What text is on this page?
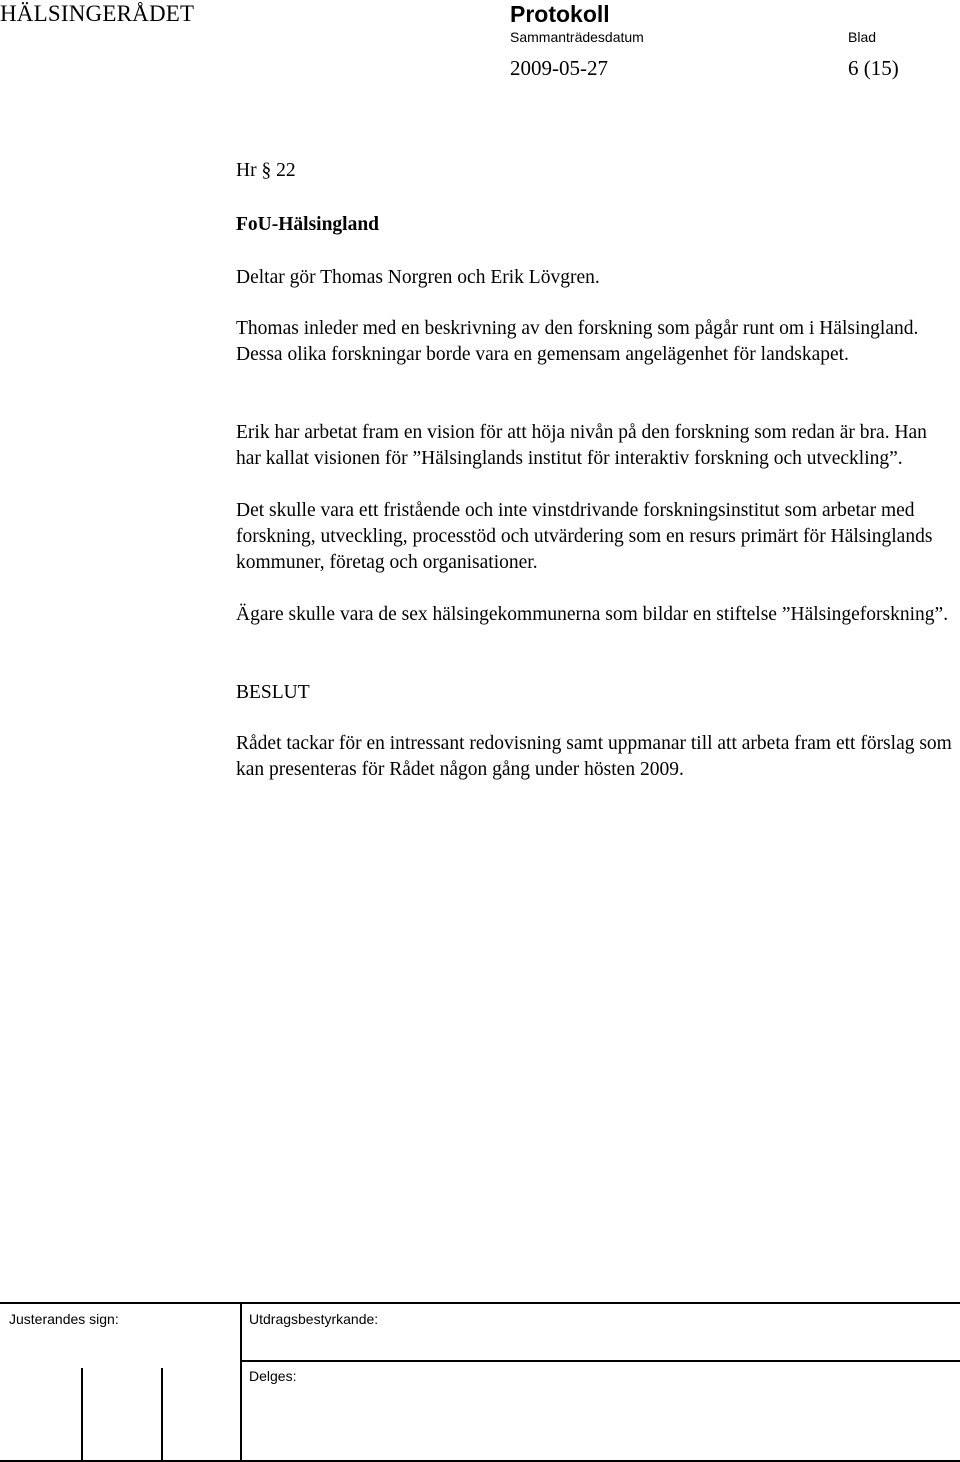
HÄLSINGERÅDET	Protokoll
Sammanträdesdatum	Blad
2009-05-27	6 (15)

Hr § 22

FoU-Hälsingland

Deltar gör Thomas Norgren och Erik Lövgren.

Thomas inleder med en beskrivning av den forskning som pågår runt om i Hälsingland. Dessa olika forskningar borde vara en gemensam angelägenhet för landskapet.

Erik har arbetat fram en vision för att höja nivån på den forskning som redan är bra. Han har kallat visionen för ”Hälsinglands institut för interaktiv forskning och utveckling”.

Det skulle vara ett fristående och inte vinstdrivande forskningsinstitut som arbetar med forskning, utveckling, processtöd och utvärdering som en resurs primärt för Hälsinglands kommuner, företag och organisationer.

Ägare skulle vara de sex hälsingekommunerna som bildar en stiftelse ”Hälsingeforskning”.

BESLUT

Rådet tackar för en intressant redovisning samt uppmanar till att arbeta fram ett förslag som kan presenteras för Rådet någon gång under hösten 2009.

Justerandes sign:	Utdragsbestyrkande:
Delges:
